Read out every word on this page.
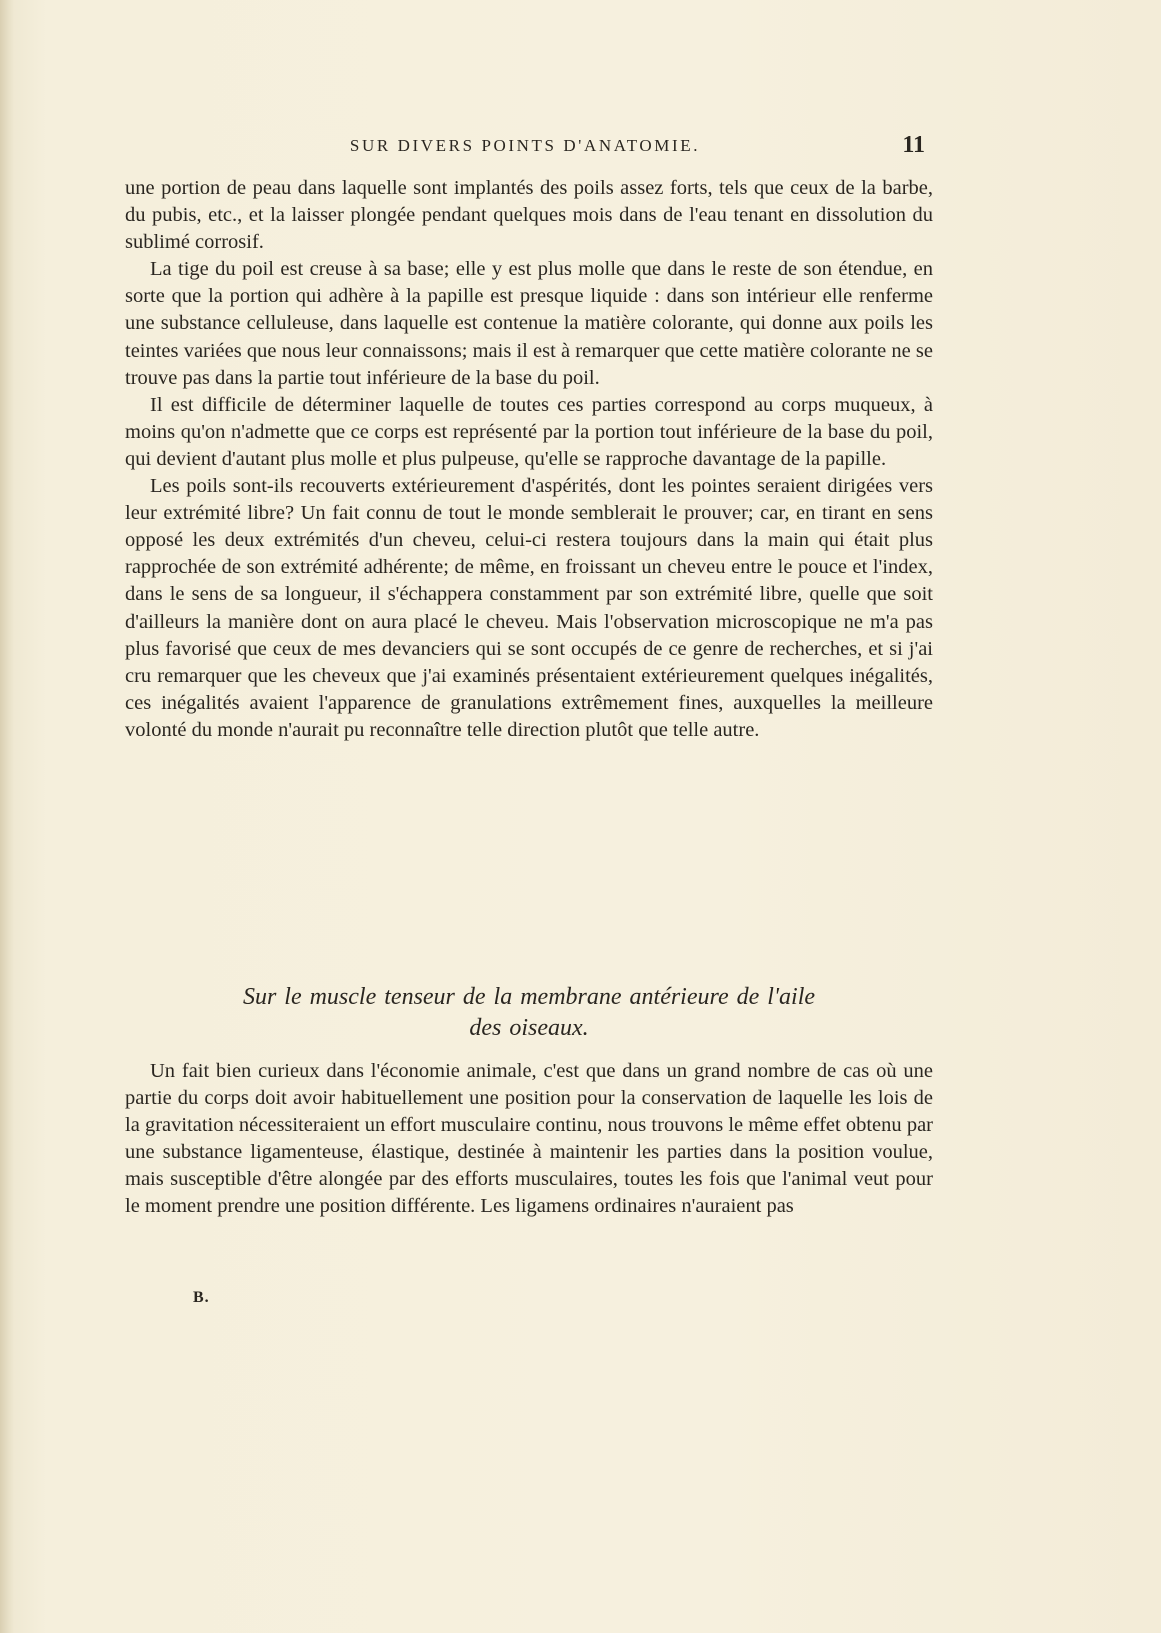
SUR DIVERS POINTS D'ANATOMIE.	11

une portion de peau dans laquelle sont implantés des poils assez forts, tels que ceux de la barbe, du pubis, etc., et la laisser plongée pendant quelques mois dans de l'eau tenant en dissolution du sublimé corrosif.

La tige du poil est creuse à sa base; elle y est plus molle que dans le reste de son étendue, en sorte que la portion qui adhère à la papille est presque liquide : dans son intérieur elle renferme une substance celluleuse, dans laquelle est contenue la matière colorante, qui donne aux poils les teintes variées que nous leur connaissons; mais il est à remarquer que cette matière colorante ne se trouve pas dans la partie tout inférieure de la base du poil.

Il est difficile de déterminer laquelle de toutes ces parties correspond au corps muqueux, à moins qu'on n'admette que ce corps est représenté par la portion tout inférieure de la base du poil, qui devient d'autant plus molle et plus pulpeuse, qu'elle se rapproche davantage de la papille.

Les poils sont-ils recouverts extérieurement d'aspérités, dont les pointes seraient dirigées vers leur extrémité libre? Un fait connu de tout le monde semblerait le prouver; car, en tirant en sens opposé les deux extrémités d'un cheveu, celui-ci restera toujours dans la main qui était plus rapprochée de son extrémité adhérente; de même, en froissant un cheveu entre le pouce et l'index, dans le sens de sa longueur, il s'échappera constamment par son extrémité libre, quelle que soit d'ailleurs la manière dont on aura placé le cheveu. Mais l'observation microscopique ne m'a pas plus favorisé que ceux de mes devanciers qui se sont occupés de ce genre de recherches, et si j'ai cru remarquer que les cheveux que j'ai examinés présentaient extérieurement quelques inégalités, ces inégalités avaient l'apparence de granulations extrêmement fines, auxquelles la meilleure volonté du monde n'aurait pu reconnaître telle direction plutôt que telle autre.

Sur le muscle tenseur de la membrane antérieure de l'aile
des oiseaux.

Un fait bien curieux dans l'économie animale, c'est que dans un grand nombre de cas où une partie du corps doit avoir habituellement une position pour la conservation de laquelle les lois de la gravitation nécessiteraient un effort musculaire continu, nous trouvons le même effet obtenu par une substance ligamenteuse, élastique, destinée à maintenir les parties dans la position voulue, mais susceptible d'être alongée par des efforts musculaires, toutes les fois que l'animal veut pour le moment prendre une position différente. Les ligamens ordinaires n'auraient pas

B.
